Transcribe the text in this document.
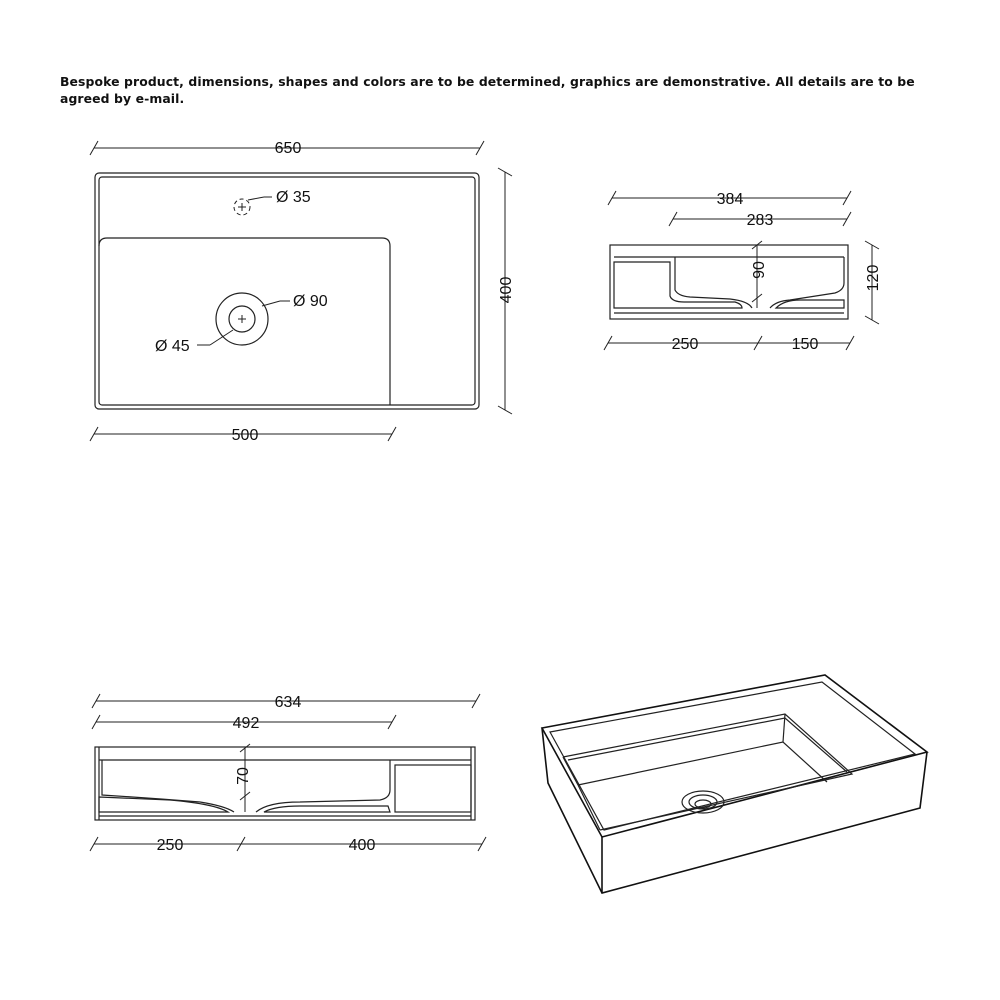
Bespoke product, dimensions, shapes and colors are to be determined, graphics are demonstrative. All details are to be agreed by e-mail.
650
Ø 35
Ø 90
Ø 45
400
500
384
283
90	120
250	150
634
492
70
250	400
